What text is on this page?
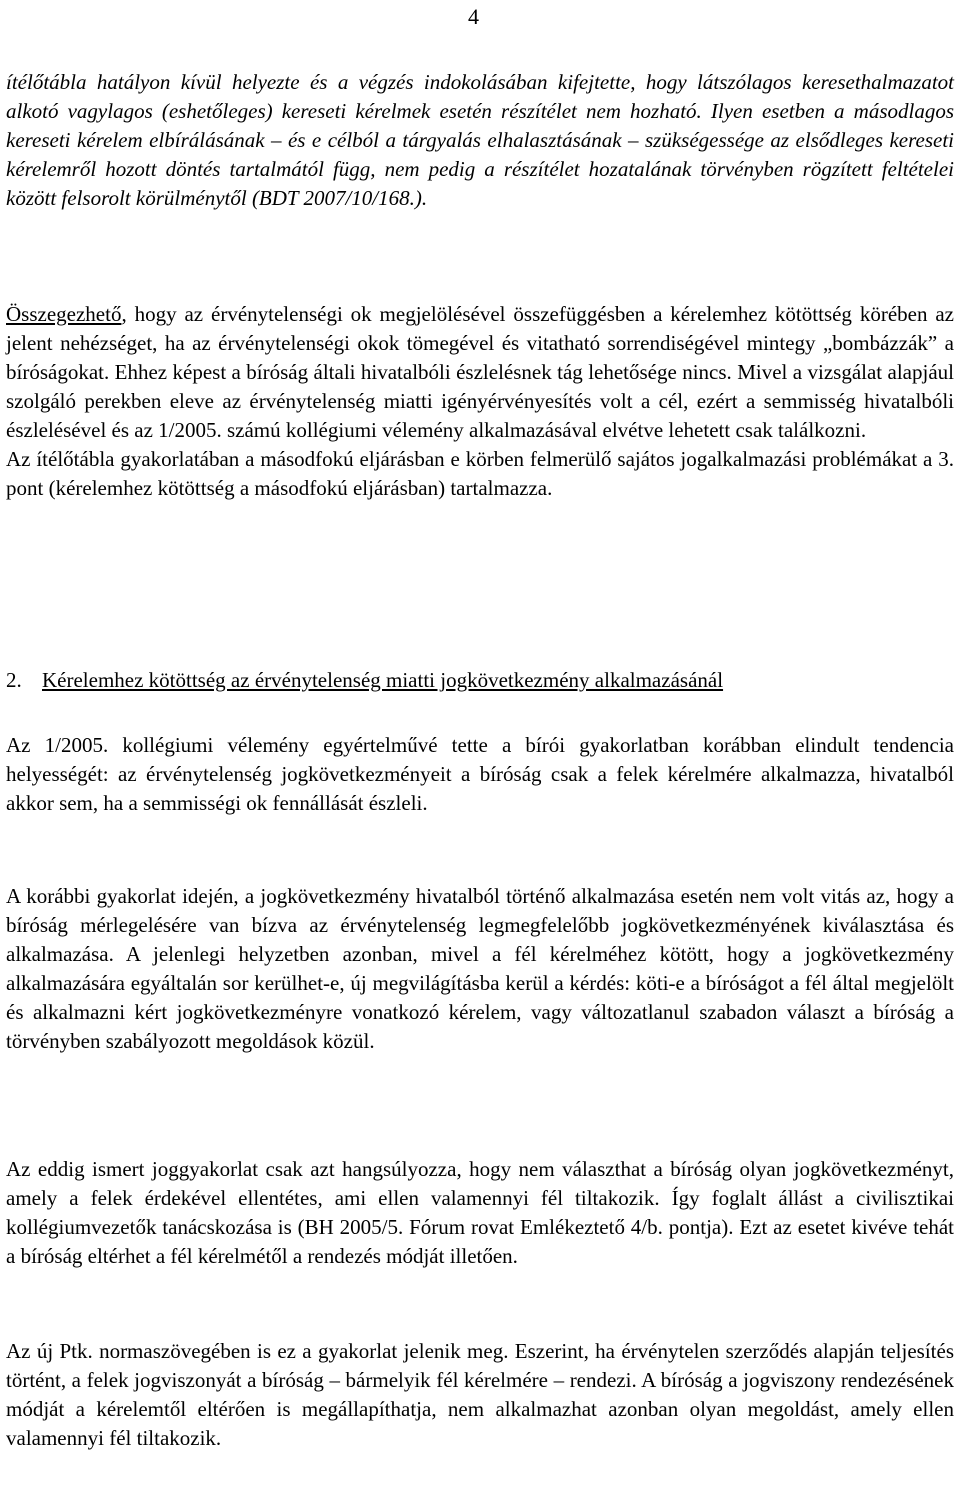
4

ítélőtábla hatályon kívül helyezte és a végzés indokolásában kifejtette, hogy látszólagos keresethalmazatot alkotó vagylagos (eshetőleges) kereseti kérelmek esetén részítélet nem hozható. Ilyen esetben a másodlagos kereseti kérelem elbírálásának – és e célból a tárgyalás elhalasztásának – szükségessége az elsődleges kereseti kérelemről hozott döntés tartalmától függ, nem pedig a részítélet hozatalának törvényben rögzített feltételei között felsorolt körülménytől (BDT 2007/10/168.).

Összegezhető, hogy az érvénytelenségi ok megjelölésével összefüggésben a kérelemhez kötöttség körében az jelent nehézséget, ha az érvénytelenségi okok tömegével és vitatható sorrendiségével mintegy „bombázzák” a bíróságokat. Ehhez képest a bíróság általi hivatalbóli észlelésnek tág lehetősége nincs. Mivel a vizsgálat alapjául szolgáló perekben eleve az érvénytelenség miatti igényérvényesítés volt a cél, ezért a semmisség hivatalbóli észlelésével és az 1/2005. számú kollégiumi vélemény alkalmazásával elvétve lehetett csak találkozni.

Az ítélőtábla gyakorlatában a másodfokú eljárásban e körben felmerülő sajátos jogalkalmazási problémákat a 3. pont (kérelemhez kötöttség a másodfokú eljárásban) tartalmazza.

2. Kérelemhez kötöttség az érvénytelenség miatti jogkövetkezmény alkalmazásánál

Az 1/2005. kollégiumi vélemény egyértelművé tette a bírói gyakorlatban korábban elindult tendencia helyességét: az érvénytelenség jogkövetkezményeit a bíróság csak a felek kérelmére alkalmazza, hivatalból akkor sem, ha a semmisségi ok fennállását észleli.

A korábbi gyakorlat idején, a jogkövetkezmény hivatalból történő alkalmazása esetén nem volt vitás az, hogy a bíróság mérlegelésére van bízva az érvénytelenség legmegfelelőbb jogkövetkezményének kiválasztása és alkalmazása. A jelenlegi helyzetben azonban, mivel a fél kérelméhez kötött, hogy a jogkövetkezmény alkalmazására egyáltalán sor kerülhet-e, új megvilágításba kerül a kérdés: köti-e a bíróságot a fél által megjelölt és alkalmazni kért jogkövetkezményre vonatkozó kérelem, vagy változatlanul szabadon választ a bíróság a törvényben szabályozott megoldások közül.

Az eddig ismert joggyakorlat csak azt hangsúlyozza, hogy nem választhat a bíróság olyan jogkövetkezményt, amely a felek érdekével ellentétes, ami ellen valamennyi fél tiltakozik. Így foglalt állást a civilisztikai kollégiumvezetők tanácskozása is (BH 2005/5. Fórum rovat Emlékeztető 4/b. pontja). Ezt az esetet kivéve tehát a bíróság eltérhet a fél kérelmétől a rendezés módját illetően.

Az új Ptk. normaszövegében is ez a gyakorlat jelenik meg. Eszerint, ha érvénytelen szerződés alapján teljesítés történt, a felek jogviszonyát a bíróság – bármelyik fél kérelmére – rendezi. A bíróság a jogviszony rendezésének módját a kérelemtől eltérően is megállapíthatja, nem alkalmazhat azonban olyan megoldást, amely ellen valamennyi fél tiltakozik.
